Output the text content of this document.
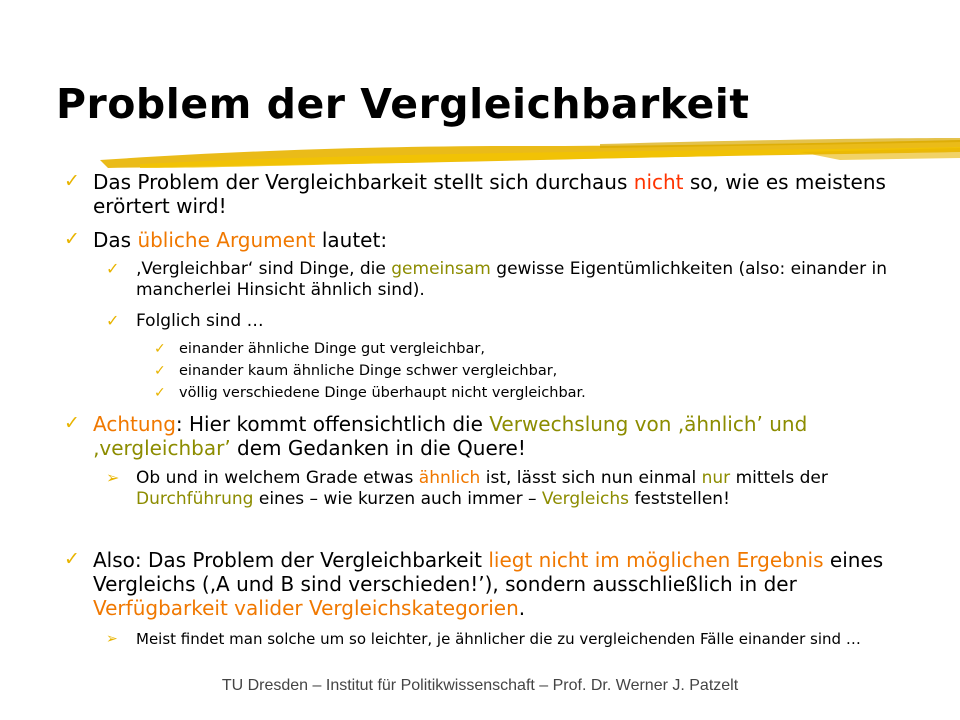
Problem der Vergleichbarkeit
✓ Das Problem der Vergleichbarkeit stellt sich durchaus nicht so, wie es meistens erörtert wird!
✓ Das übliche Argument lautet:
✓ ‚Vergleichbar‘ sind Dinge, die gemeinsam gewisse Eigentümlichkeiten (also: einander in mancherlei Hinsicht ähnlich sind).
✓ Folglich sind …
✓ einander ähnliche Dinge gut vergleichbar,
✓ einander kaum ähnliche Dinge schwer vergleichbar,
✓ völlig verschiedene Dinge überhaupt nicht vergleichbar.
✓ Achtung: Hier kommt offensichtlich die Verwechslung von ‚ähnlich’ und ‚vergleichbar’ dem Gedanken in die Quere!
➢ Ob und in welchem Grade etwas ähnlich ist, lässt sich nun einmal nur mittels der Durchführung eines – wie kurzen auch immer – Vergleichs feststellen!
✓ Also: Das Problem der Vergleichbarkeit liegt nicht im möglichen Ergebnis eines Vergleichs (‚A und B sind verschieden!’), sondern ausschließlich in der Verfügbarkeit valider Vergleichskategorien.
➢ Meist findet man solche um so leichter, je ähnlicher die zu vergleichenden Fälle einander sind …
TU Dresden – Institut für Politikwissenschaft – Prof. Dr. Werner J. Patzelt
